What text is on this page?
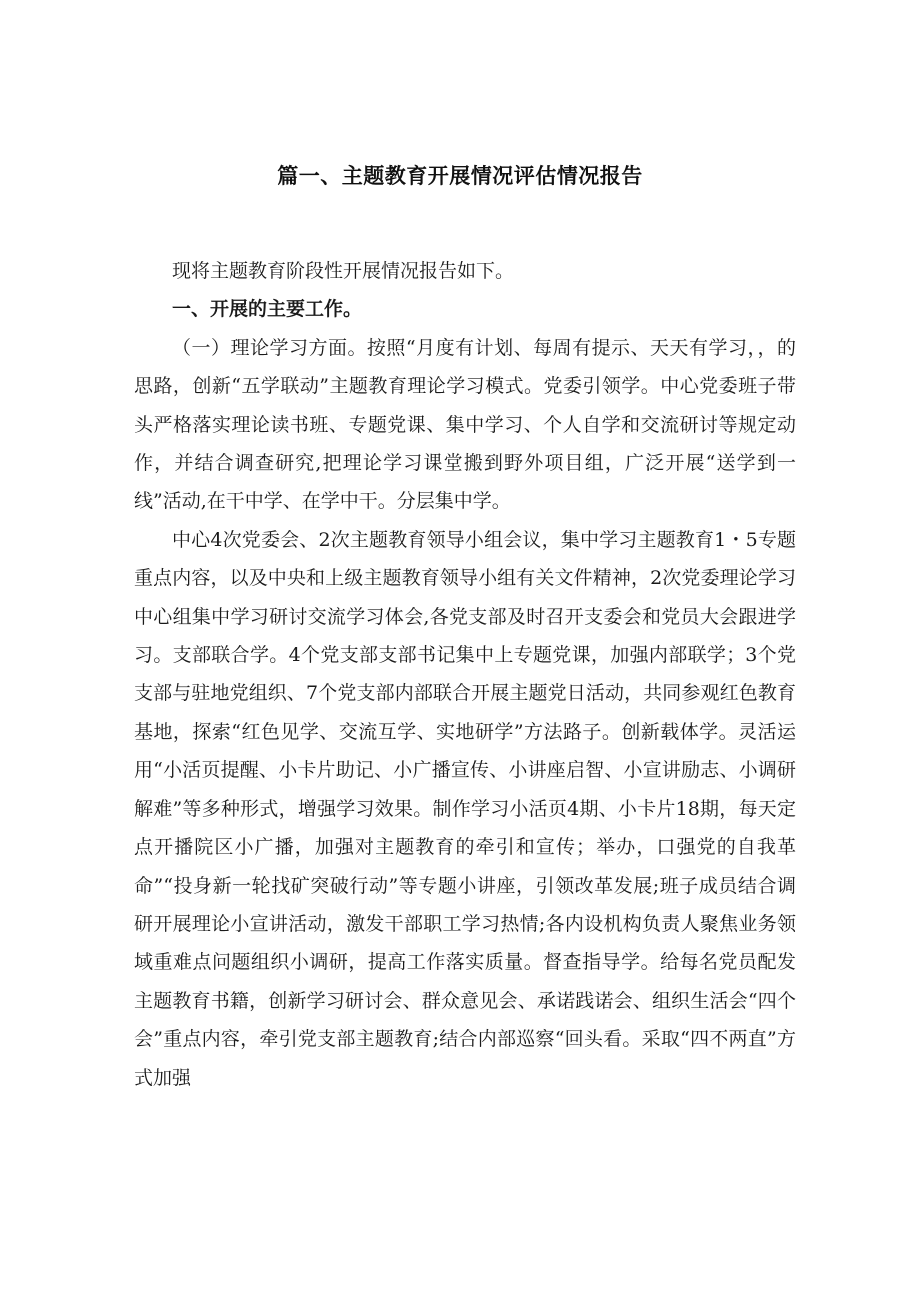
篇一、主题教育开展情况评估情况报告

现将主题教育阶段性开展情况报告如下。

一、开展的主要工作。

（一）理论学习方面。按照“月度有计划、每周有提示、天天有学习，，的思路，创新“五学联动”主题教育理论学习模式。党委引领学。中心党委班子带头严格落实理论读书班、专题党课、集中学习、个人自学和交流研讨等规定动作，并结合调查研究,把理论学习课堂搬到野外项目组，广泛开展“送学到一线”活动,在干中学、在学中干。分层集中学。

中心4次党委会、2次主题教育领导小组会议，集中学习主题教育1・5专题重点内容，以及中央和上级主题教育领导小组有关文件精神，2次党委理论学习中心组集中学习研讨交流学习体会,各党支部及时召开支委会和党员大会跟进学习。支部联合学。4个党支部支部书记集中上专题党课，加强内部联学；3个党支部与驻地党组织、7个党支部内部联合开展主题党日活动，共同参观红色教育基地，探索“红色见学、交流互学、实地研学”方法路子。创新载体学。灵活运用“小活页提醒、小卡片助记、小广播宣传、小讲座启智、小宣讲励志、小调研解难”等多种形式，增强学习效果。制作学习小活页4期、小卡片18期，每天定点开播院区小广播，加强对主题教育的牵引和宣传；举办，口强党的自我革命”“投身新一轮找矿突破行动”等专题小讲座，引领改革发展;班子成员结合调研开展理论小宣讲活动，激发干部职工学习热情;各内设机构负责人聚焦业务领域重难点问题组织小调研，提高工作落实质量。督查指导学。给每名党员配发主题教育书籍，创新学习研讨会、群众意见会、承诺践诺会、组织生活会“四个会”重点内容，牵引党支部主题教育;结合内部巡察“回头看。采取“四不两直”方式加强
